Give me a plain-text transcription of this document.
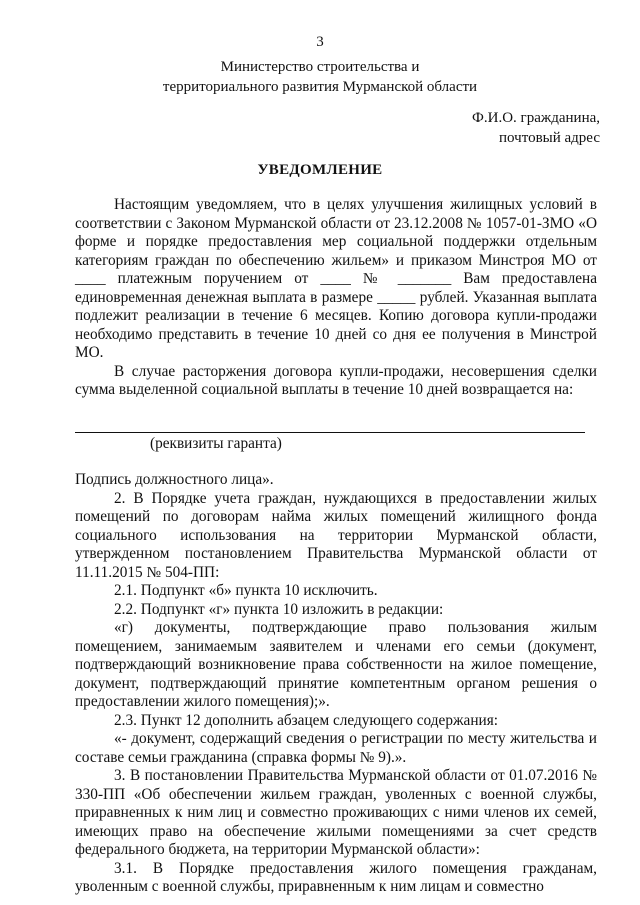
3
Министерство строительства и
территориального развития Мурманской области
Ф.И.О. гражданина,
почтовый адрес
УВЕДОМЛЕНИЕ

Настоящим уведомляем, что в целях улучшения жилищных условий в соответствии с Законом Мурманской области от 23.12.2008 № 1057-01-ЗМО «О форме и порядке предоставления мер социальной поддержки отдельным категориям граждан по обеспечению жильем» и приказом Минстроя МО от ____ платежным поручением от ____ № _______ Вам предоставлена единовременная денежная выплата в размере _____ рублей. Указанная выплата подлежит реализации в течение 6 месяцев. Копию договора купли-продажи необходимо представить в течение 10 дней со дня ее получения в Минстрой МО.

В случае расторжения договора купли-продажи, несовершения сделки сумма выделенной социальной выплаты в течение 10 дней возвращается на:

(реквизиты гаранта)

Подпись должностного лица».

2. В Порядке учета граждан, нуждающихся в предоставлении жилых помещений по договорам найма жилых помещений жилищного фонда социального использования на территории Мурманской области, утвержденном постановлением Правительства Мурманской области от 11.11.2015 № 504-ПП:

2.1. Подпункт «б» пункта 10 исключить.

2.2. Подпункт «г» пункта 10 изложить в редакции:

«г) документы, подтверждающие право пользования жилым помещением, занимаемым заявителем и членами его семьи (документ, подтверждающий возникновение права собственности на жилое помещение, документ, подтверждающий принятие компетентным органом решения о предоставлении жилого помещения);».

2.3. Пункт 12 дополнить абзацем следующего содержания:

«- документ, содержащий сведения о регистрации по месту жительства и составе семьи гражданина (справка формы № 9).».

3. В постановлении Правительства Мурманской области от 01.07.2016 № 330-ПП «Об обеспечении жильем граждан, уволенных с военной службы, приравненных к ним лиц и совместно проживающих с ними членов их семей, имеющих право на обеспечение жилыми помещениями за счет средств федерального бюджета, на территории Мурманской области»:

3.1. В Порядке предоставления жилого помещения гражданам, уволенным с военной службы, приравненным к ним лицам и совместно
